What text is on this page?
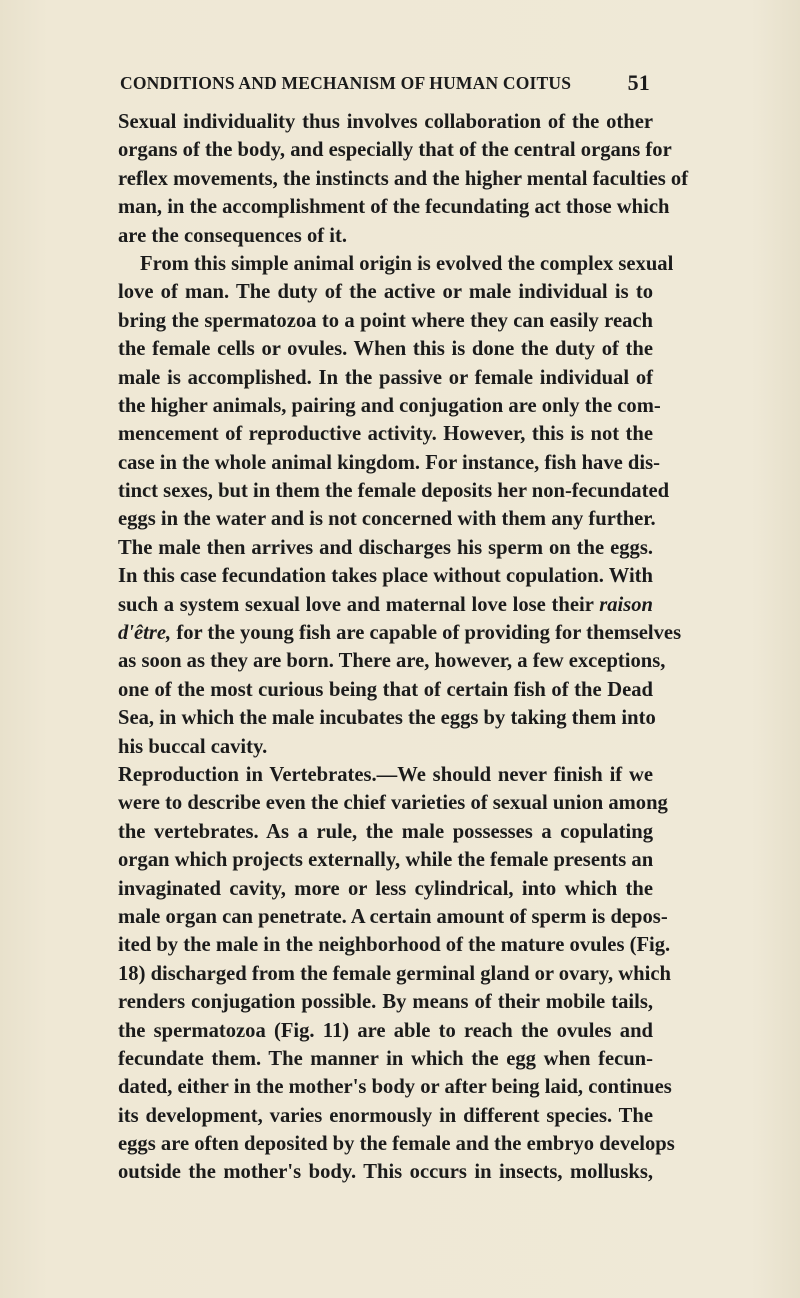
CONDITIONS AND MECHANISM OF HUMAN COITUS	51
Sexual individuality thus involves collaboration of the other
organs of the body, and especially that of the central organs for
reflex movements, the instincts and the higher mental faculties of
man, in the accomplishment of the fecundating act those which
are the consequences of it.
From this simple animal origin is evolved the complex sexual
love of man. The duty of the active or male individual is to
bring the spermatozoa to a point where they can easily reach
the female cells or ovules. When this is done the duty of the
male is accomplished. In the passive or female individual of
the higher animals, pairing and conjugation are only the com-
mencement of reproductive activity. However, this is not the
case in the whole animal kingdom. For instance, fish have dis-
tinct sexes, but in them the female deposits her non-fecundated
eggs in the water and is not concerned with them any further.
The male then arrives and discharges his sperm on the eggs.
In this case fecundation takes place without copulation. With
such a system sexual love and maternal love lose their raison
d'être, for the young fish are capable of providing for themselves
as soon as they are born. There are, however, a few exceptions,
one of the most curious being that of certain fish of the Dead
Sea, in which the male incubates the eggs by taking them into
his buccal cavity.
Reproduction in Vertebrates.—We should never finish if we
were to describe even the chief varieties of sexual union among
the vertebrates. As a rule, the male possesses a copulating
organ which projects externally, while the female presents an
invaginated cavity, more or less cylindrical, into which the
male organ can penetrate. A certain amount of sperm is depos-
ited by the male in the neighborhood of the mature ovules (Fig.
18) discharged from the female germinal gland or ovary, which
renders conjugation possible. By means of their mobile tails,
the spermatozoa (Fig. 11) are able to reach the ovules and
fecundate them. The manner in which the egg when fecun-
dated, either in the mother's body or after being laid, continues
its development, varies enormously in different species. The
eggs are often deposited by the female and the embryo develops
outside the mother's body. This occurs in insects, mollusks,
